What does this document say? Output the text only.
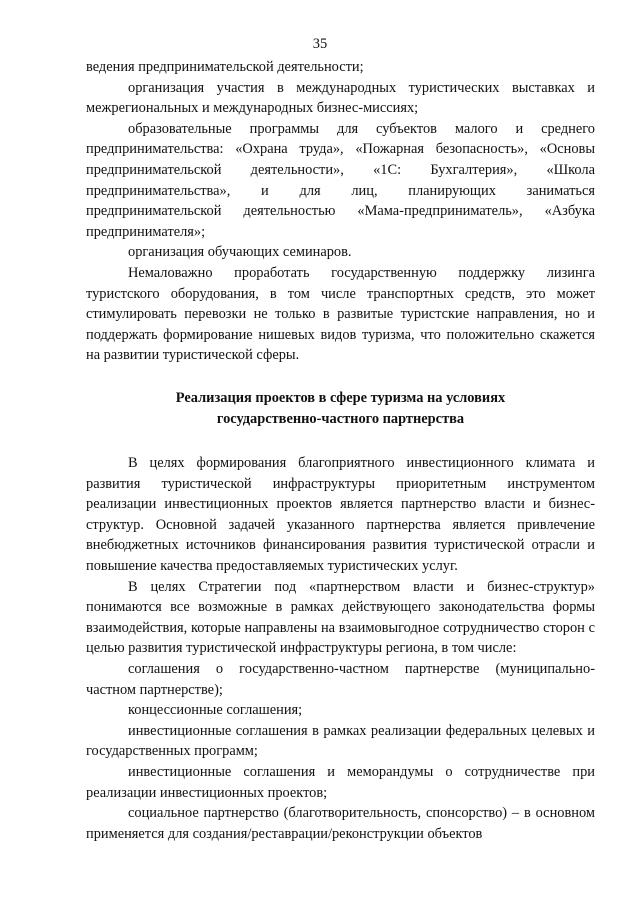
35

ведения предпринимательской деятельности;

организация участия в международных туристических выставках и межрегиональных и международных бизнес-миссиях;

образовательные программы для субъектов малого и среднего предпринимательства: «Охрана труда», «Пожарная безопасность», «Основы предпринимательской деятельности», «1С: Бухгалтерия», «Школа предпринимательства», и для лиц, планирующих заниматься предпринимательской деятельностью «Мама-предприниматель», «Азбука предпринимателя»;

организация обучающих семинаров.

Немаловажно проработать государственную поддержку лизинга туристского оборудования, в том числе транспортных средств, это может стимулировать перевозки не только в развитые туристские направления, но и поддержать формирование нишевых видов туризма, что положительно скажется на развитии туристической сферы.

Реализация проектов в сфере туризма на условиях
государственно-частного партнерства

В целях формирования благоприятного инвестиционного климата и развития туристической инфраструктуры приоритетным инструментом реализации инвестиционных проектов является партнерство власти и бизнес-структур. Основной задачей указанного партнерства является привлечение внебюджетных источников финансирования развития туристической отрасли и повышение качества предоставляемых туристических услуг.

В целях Стратегии под «партнерством власти и бизнес-структур» понимаются все возможные в рамках действующего законодательства формы взаимодействия, которые направлены на взаимовыгодное сотрудничество сторон с целью развития туристической инфраструктуры региона, в том числе:

соглашения о государственно-частном партнерстве (муниципально-частном партнерстве);

концессионные соглашения;

инвестиционные соглашения в рамках реализации федеральных целевых и государственных программ;

инвестиционные соглашения и меморандумы о сотрудничестве при реализации инвестиционных проектов;

социальное партнерство (благотворительность, спонсорство) – в основном применяется для создания/реставрации/реконструкции объектов
